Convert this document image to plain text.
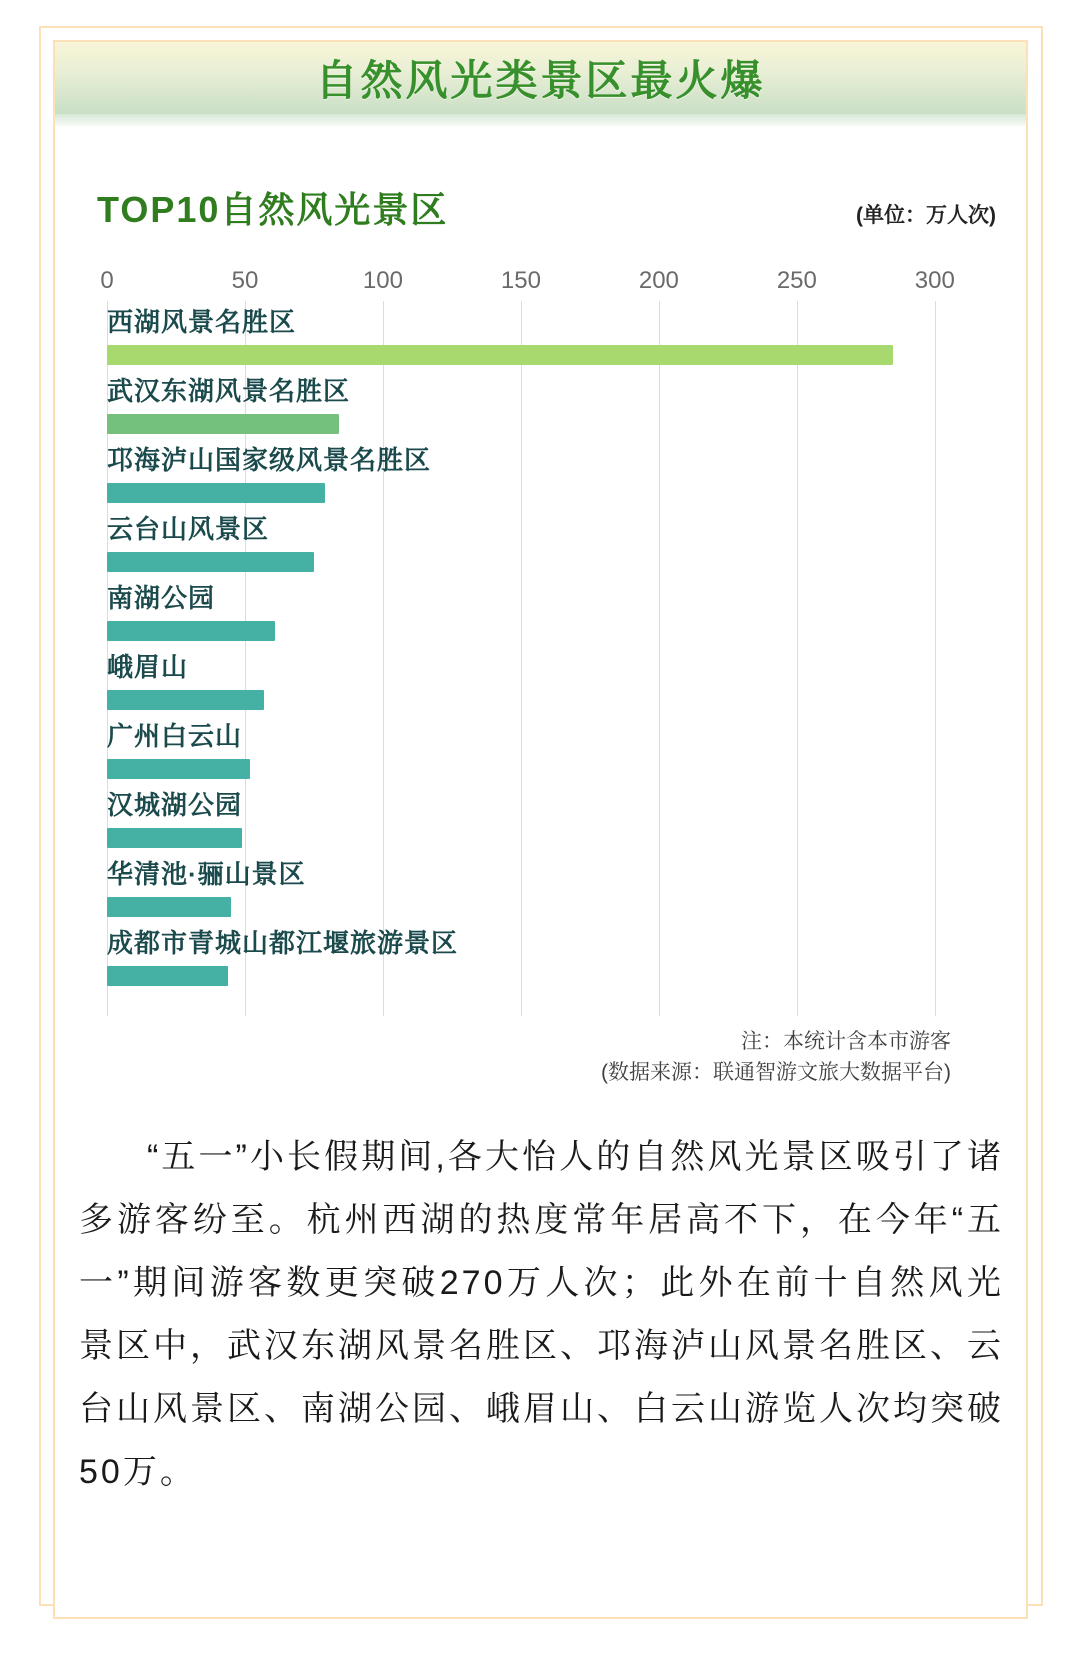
自然风光类景区最火爆
TOP10自然风光景区	(单位：万人次)
0	50	100	150	200	250	300
西湖风景名胜区
武汉东湖风景名胜区
邛海泸山国家级风景名胜区
云台山风景区
南湖公园
峨眉山
广州白云山
汉城湖公园
华清池·骊山景区
成都市青城山都江堰旅游景区
注：本统计含本市游客
(数据来源：联通智游文旅大数据平台)

“五一”小长假期间,各大怡人的自然风光景区吸引了诸多游客纷至。杭州西湖的热度常年居高不下，在今年“五一”期间游客数更突破270万人次；此外在前十自然风光景区中，武汉东湖风景名胜区、邛海泸山风景名胜区、云台山风景区、南湖公园、峨眉山、白云山游览人次均突破50万。
